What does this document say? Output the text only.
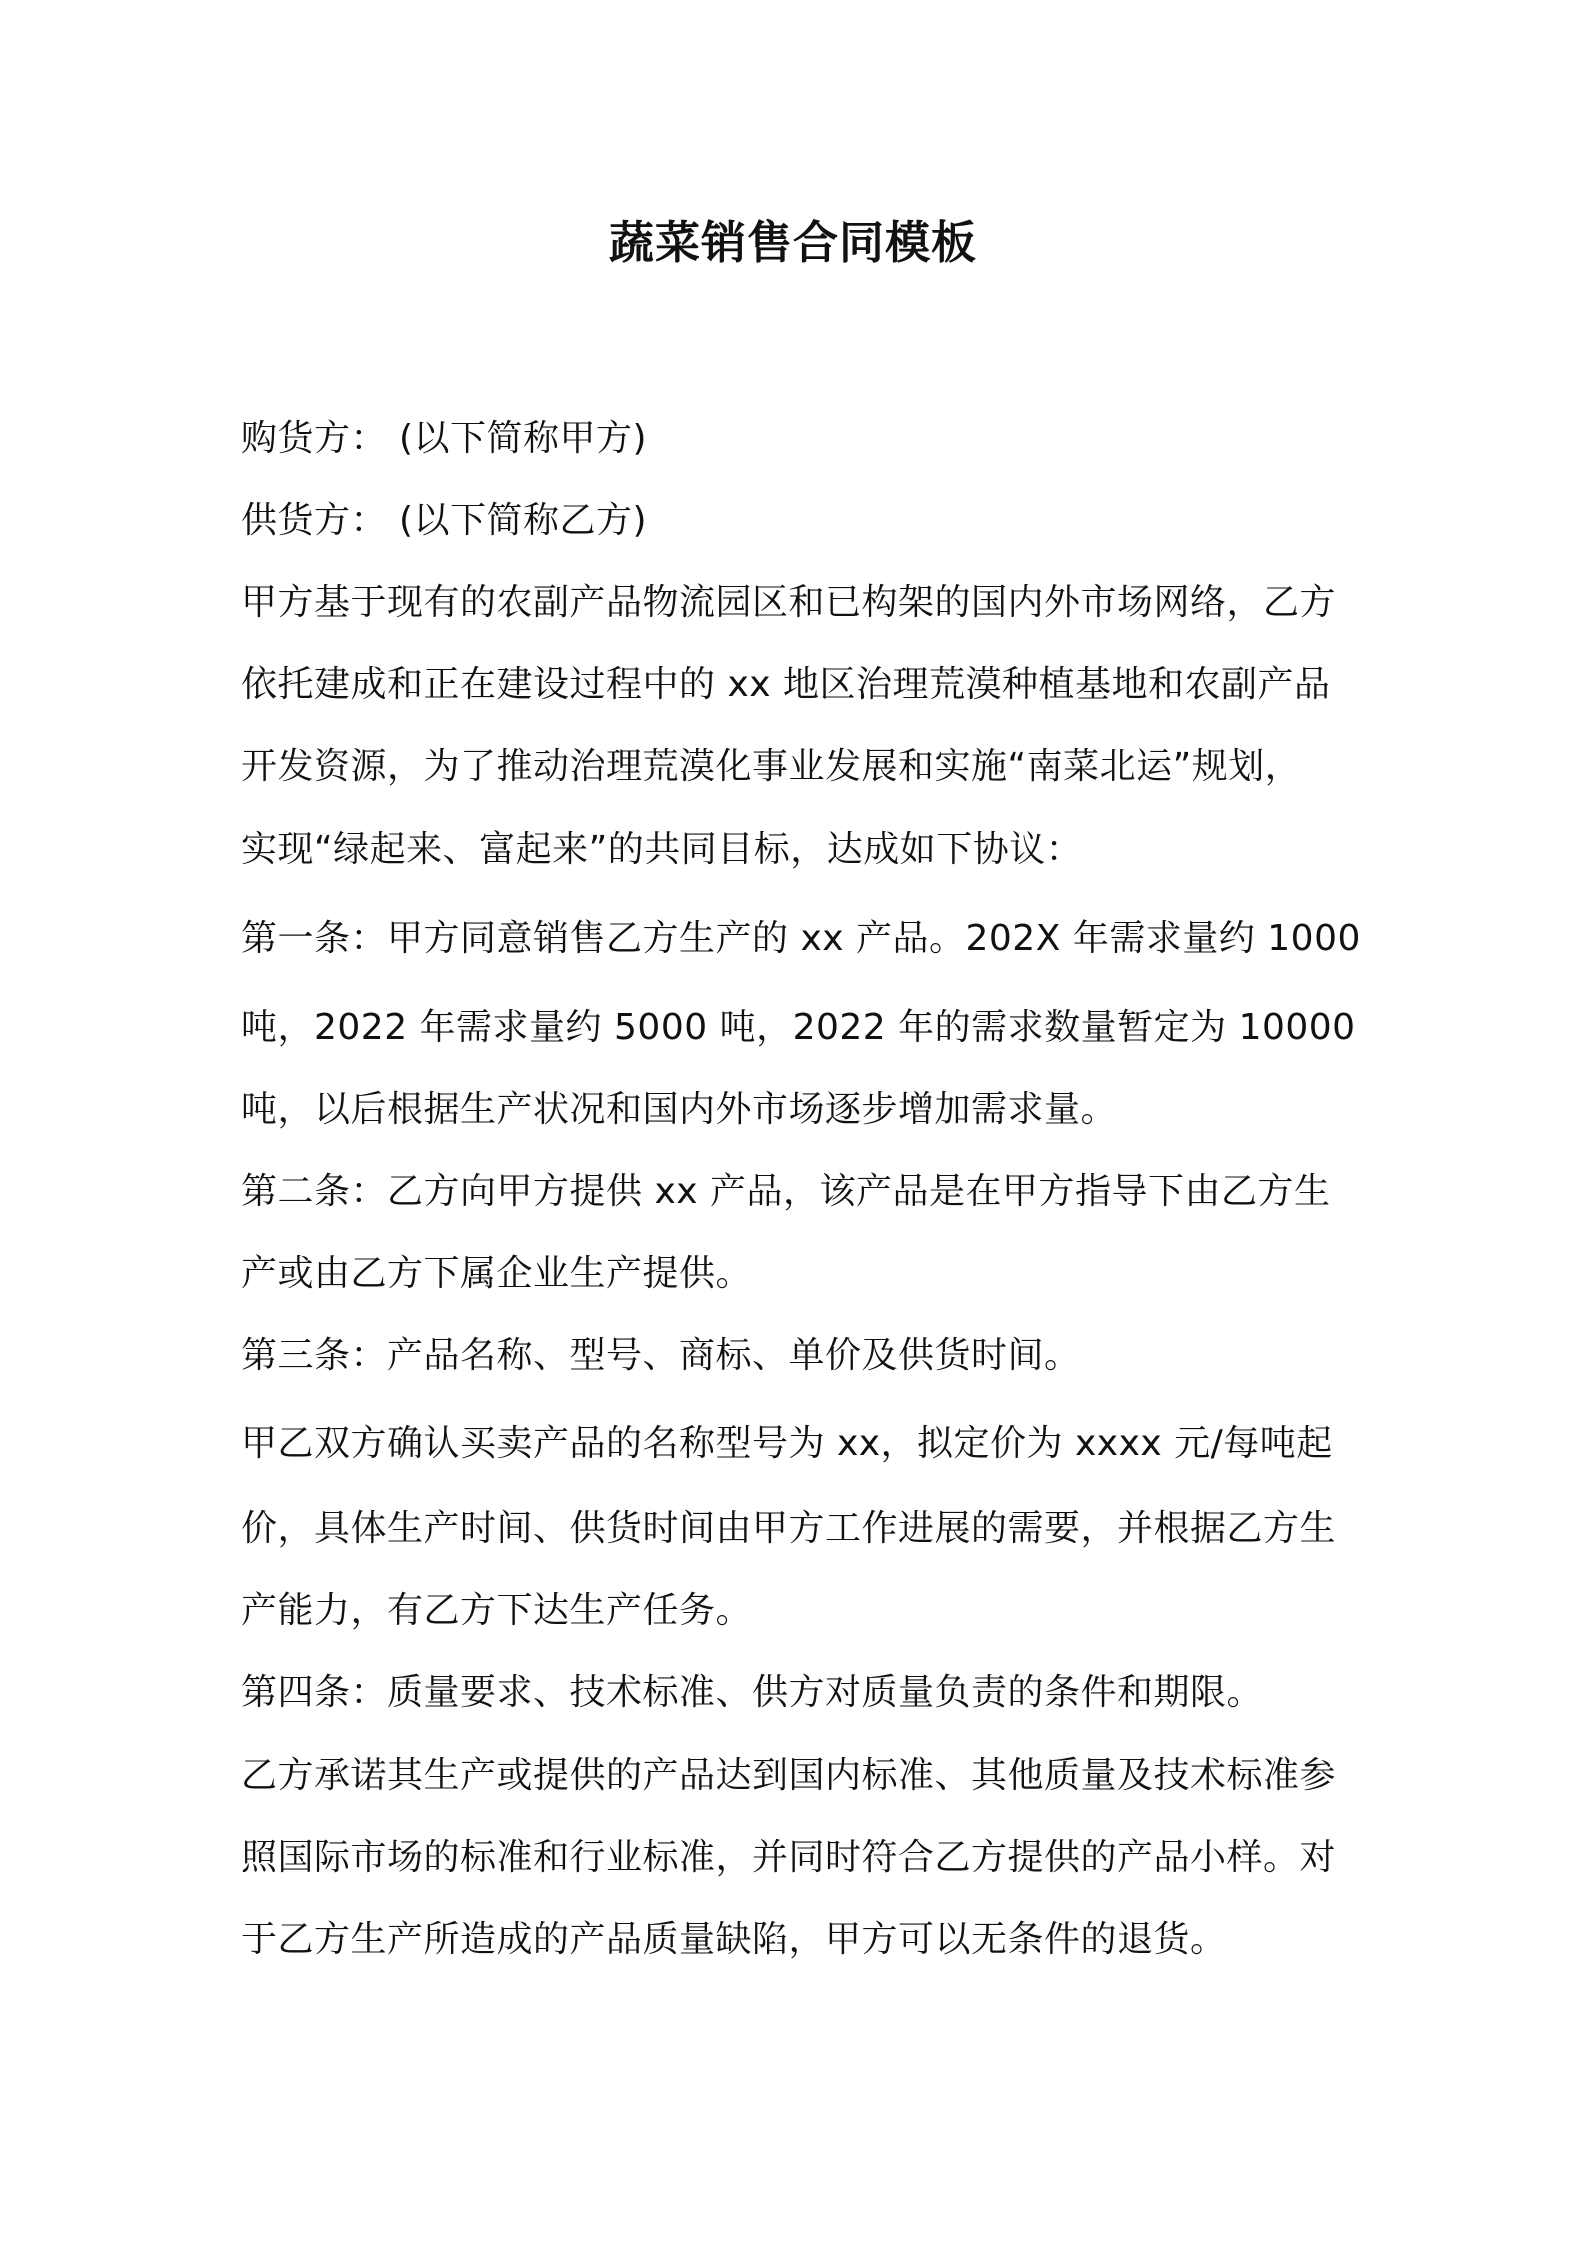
蔬菜销售合同模板
购货方： (以下简称甲方)
供货方： (以下简称乙方)
甲方基于现有的农副产品物流园区和已构架的国内外市场网络，乙方
依托建成和正在建设过程中的 xx 地区治理荒漠种植基地和农副产品
开发资源，为了推动治理荒漠化事业发展和实施“南菜北运”规划，
实现“绿起来、富起来”的共同目标，达成如下协议：
第一条：甲方同意销售乙方生产的 xx 产品。202X 年需求量约 1000
吨，2022 年需求量约 5000 吨，2022 年的需求数量暂定为 10000
吨，以后根据生产状况和国内外市场逐步增加需求量。
第二条：乙方向甲方提供 xx 产品，该产品是在甲方指导下由乙方生
产或由乙方下属企业生产提供。
第三条：产品名称、型号、商标、单价及供货时间。
甲乙双方确认买卖产品的名称型号为 xx，拟定价为 xxxx 元/每吨起
价，具体生产时间、供货时间由甲方工作进展的需要，并根据乙方生
产能力，有乙方下达生产任务。
第四条：质量要求、技术标准、供方对质量负责的条件和期限。
乙方承诺其生产或提供的产品达到国内标准、其他质量及技术标准参
照国际市场的标准和行业标准，并同时符合乙方提供的产品小样。对
于乙方生产所造成的产品质量缺陷，甲方可以无条件的退货。
